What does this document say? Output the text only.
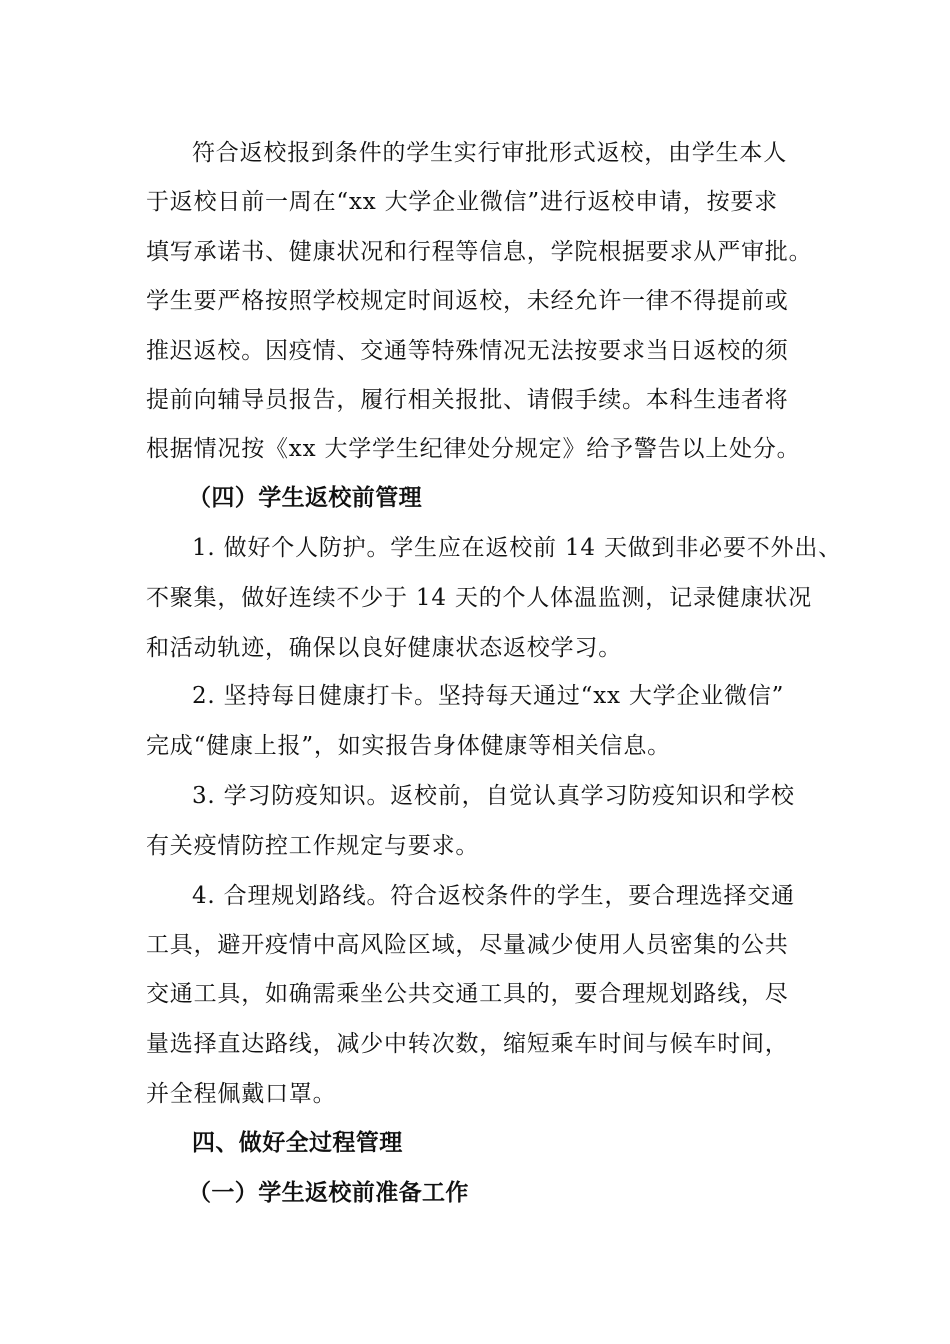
符合返校报到条件的学生实行审批形式返校，由学生本人
于返校日前一周在“xx 大学企业微信”进行返校申请，按要求
填写承诺书、健康状况和行程等信息，学院根据要求从严审批。
学生要严格按照学校规定时间返校，未经允许一律不得提前或
推迟返校。因疫情、交通等特殊情况无法按要求当日返校的须
提前向辅导员报告，履行相关报批、请假手续。本科生违者将
根据情况按《xx 大学学生纪律处分规定》给予警告以上处分。
（四）学生返校前管理
1. 做好个人防护。学生应在返校前 14 天做到非必要不外出、
不聚集，做好连续不少于 14 天的个人体温监测，记录健康状况
和活动轨迹，确保以良好健康状态返校学习。
2. 坚持每日健康打卡。坚持每天通过“xx 大学企业微信”
完成“健康上报”，如实报告身体健康等相关信息。
3. 学习防疫知识。返校前，自觉认真学习防疫知识和学校
有关疫情防控工作规定与要求。
4. 合理规划路线。符合返校条件的学生，要合理选择交通
工具，避开疫情中高风险区域，尽量减少使用人员密集的公共
交通工具，如确需乘坐公共交通工具的，要合理规划路线，尽
量选择直达路线，减少中转次数，缩短乘车时间与候车时间，
并全程佩戴口罩。
四、做好全过程管理
（一）学生返校前准备工作
